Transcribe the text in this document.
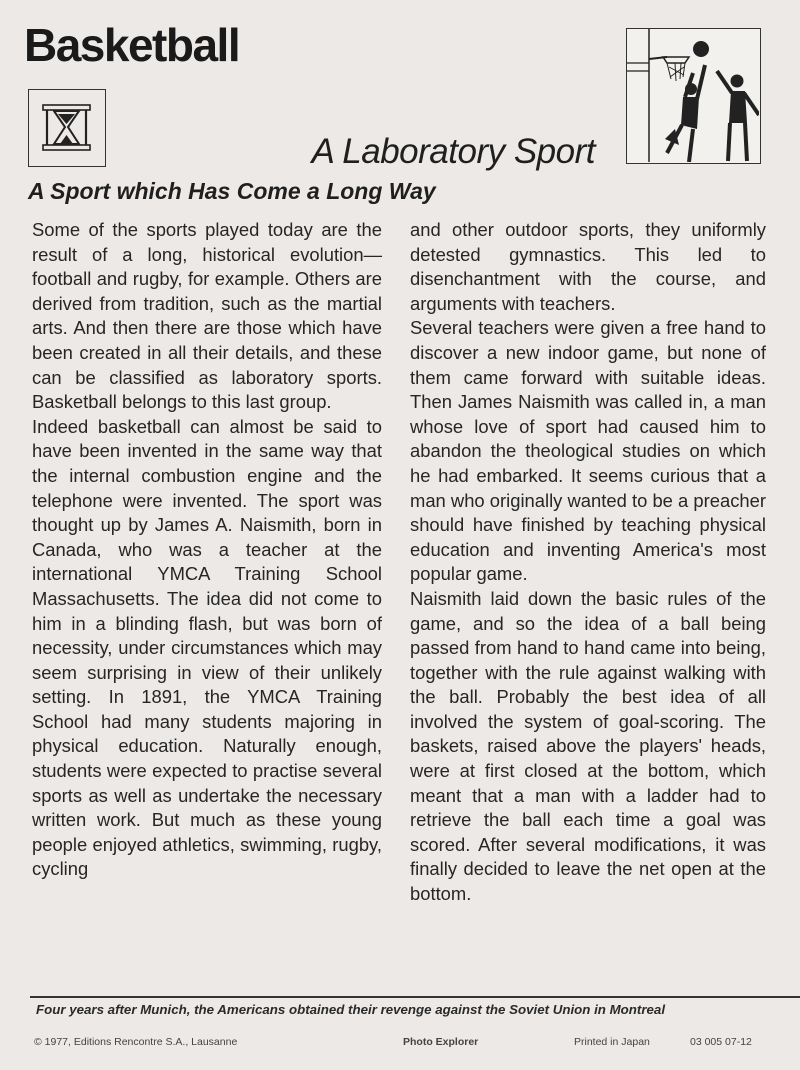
Basketball
A Laboratory Sport
A Sport which Has Come a Long Way

Some of the sports played today are the result of a long, historical evolution—football and rugby, for example. Others are derived from tradition, such as the martial arts. And then there are those which have been created in all their details, and these can be classified as laboratory sports. Basketball belongs to this last group.

Indeed basketball can almost be said to have been invented in the same way that the internal combustion engine and the telephone were invented. The sport was thought up by James A. Naismith, born in Canada, who was a teacher at the international YMCA Training School Massachusetts. The idea did not come to him in a blinding flash, but was born of necessity, under circumstances which may seem surprising in view of their unlikely setting. In 1891, the YMCA Training School had many students majoring in physical education. Naturally enough, students were expected to practise several sports as well as undertake the necessary written work. But much as these young people enjoyed athletics, swimming, rugby, cycling

and other outdoor sports, they uniformly detested gymnastics. This led to disenchantment with the course, and arguments with teachers.

Several teachers were given a free hand to discover a new indoor game, but none of them came forward with suitable ideas. Then James Naismith was called in, a man whose love of sport had caused him to abandon the theological studies on which he had embarked. It seems curious that a man who originally wanted to be a preacher should have finished by teaching physical education and inventing America's most popular game.

Naismith laid down the basic rules of the game, and so the idea of a ball being passed from hand to hand came into being, together with the rule against walking with the ball. Probably the best idea of all involved the system of goal-scoring. The baskets, raised above the players' heads, were at first closed at the bottom, which meant that a man with a ladder had to retrieve the ball each time a goal was scored. After several modifications, it was finally decided to leave the net open at the bottom.

Four years after Munich, the Americans obtained their revenge against the Soviet Union in Montreal
© 1977, Editions Rencontre S.A., Lausanne	Photo Explorer	Printed in Japan	03 005 07-12
